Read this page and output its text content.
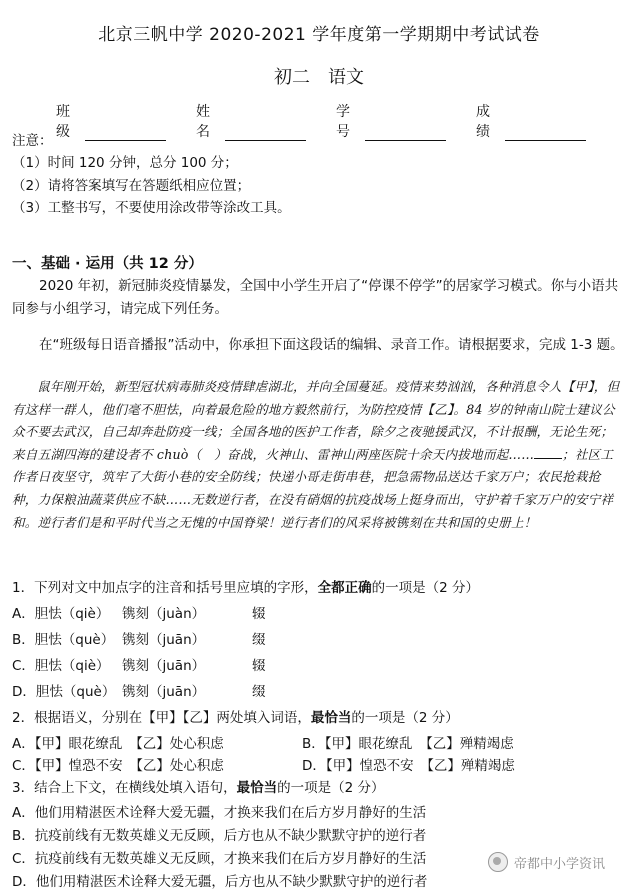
北京三帆中学 2020-2021 学年度第一学期期中考试试卷
初二　语文
班级
姓名
学号
成绩
注意：
（1）时间 120 分钟，总分 100 分；
（2）请将答案填写在答题纸相应位置；
（3）工整书写，不要使用涂改带等涂改工具。
一、基础 · 运用（共 12 分）
2020 年初，新冠肺炎疫情暴发，全国中小学生开启了“停课不停学”的居家学习模式。你与小语共同参与小组学习，请完成下列任务。
在“班级每日语音播报”活动中，你承担下面这段话的编辑、录音工作。请根据要求，完成 1-3 题。
鼠年刚开始，新型冠状病毒肺炎疫情肆虐湖北，并向全国蔓延。疫情来势汹汹，各种消息令人【甲】，但有这样一群人，他们毫不胆怯，向着最危险的地方毅然前行，为防控疫情【乙】。84 岁的钟南山院士建议公众不要去武汉，自己却奔赴防疫一线；全国各地的医护工作者，除夕之夜驰援武汉，不计报酬，无论生死；来自五湖四海的建设者不 chuò（　）奋战，火神山、雷神山两座医院十余天内拔地而起…… ；社区工作者日夜坚守，筑牢了大街小巷的安全防线；快递小哥走街串巷，把急需物品送达千家万户；农民抢栽抢种，力保粮油蔬菜供应不缺……无数逆行者，在没有硝烟的抗疫战场上挺身而出，守护着千家万户的安宁祥和。逆行者们是和平时代当之无愧的中国脊梁！逆行者们的风采将被镌刻在共和国的史册上！
1．下列对文中加点字的注音和括号里应填的字形，全都正确的一项是（2 分）
A．胆怯（qiè） 镌刻（juàn）	辍
B．胆怯（què） 镌刻（juān）	缀
C．胆怯（qiè） 镌刻（juān）	辍
D．胆怯（què） 镌刻（juān）	缀
2．根据语义，分别在【甲】【乙】两处填入词语，最恰当的一项是（2 分）
A．【甲】眼花缭乱　【乙】处心积虑	B．【甲】眼花缭乱　【乙】殚精竭虑
C．【甲】惶恐不安　【乙】处心积虑	D．【甲】惶恐不安　【乙】殚精竭虑
3．结合上下文，在横线处填入语句，最恰当的一项是（2 分）
A．他们用精湛医术诠释大爱无疆，才换来我们在后方岁月静好的生活
B．抗疫前线有无数英雄义无反顾，后方也从不缺少默默守护的逆行者
C．抗疫前线有无数英雄义无反顾，才换来我们在后方岁月静好的生活
D．他们用精湛医术诠释大爱无疆，后方也从不缺少默默守护的逆行者
帝都中小学资讯
